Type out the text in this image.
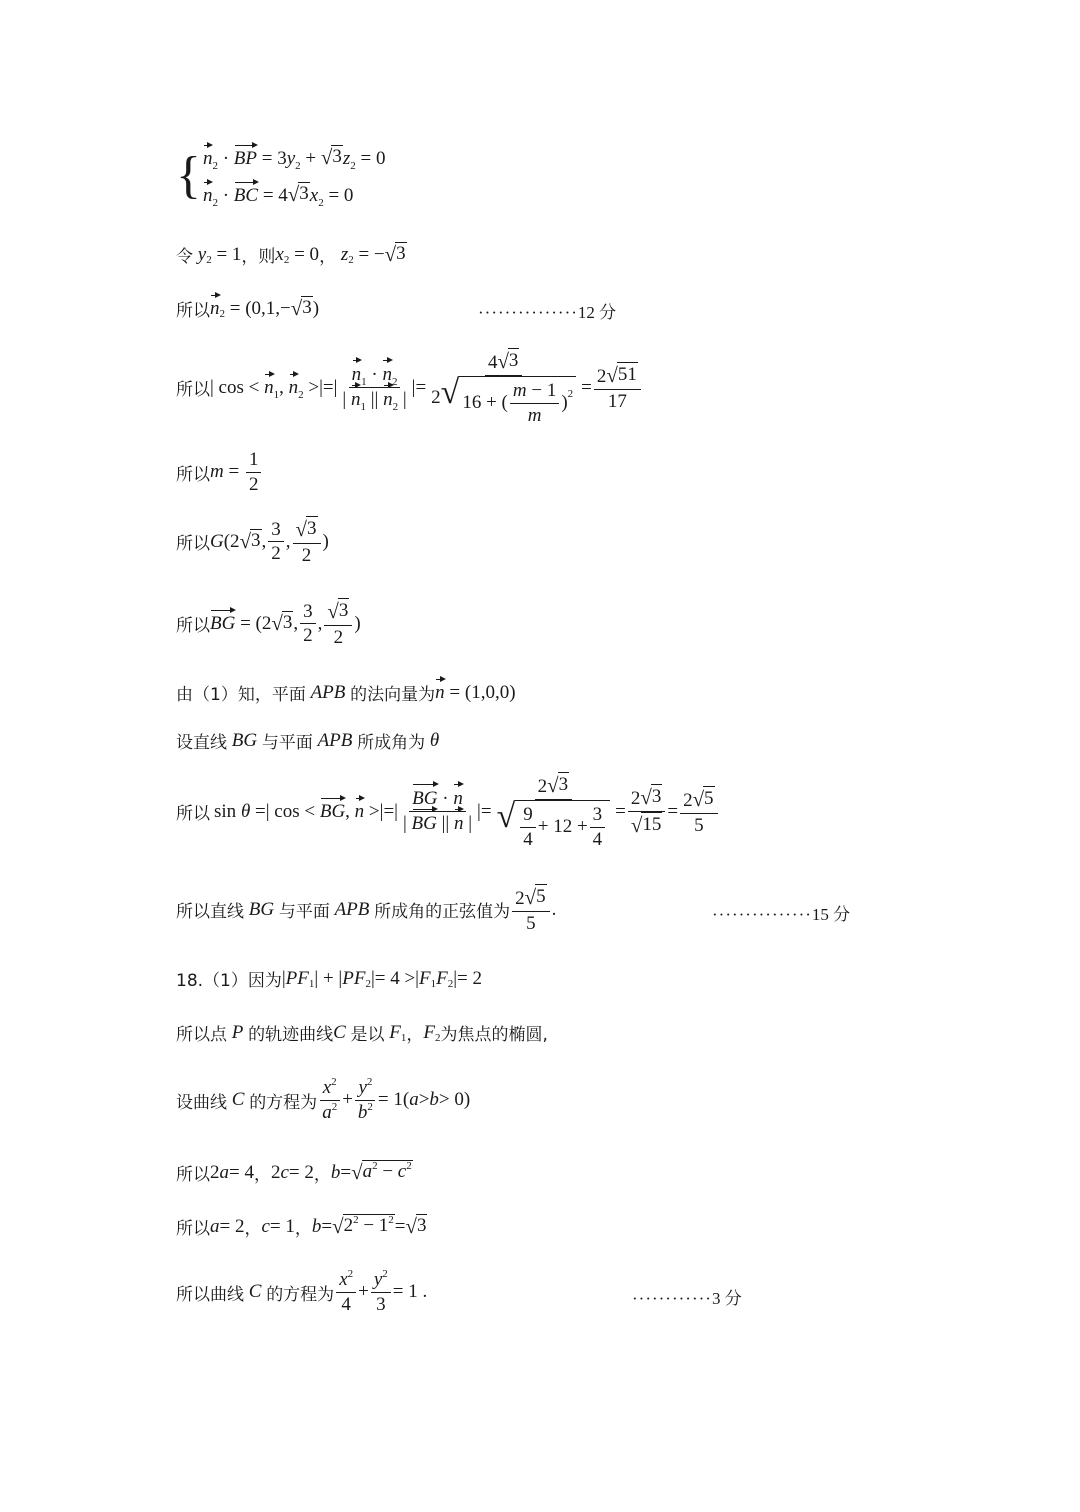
{ $n_2$ · BP = $3y_2$ + √ 3 $z_2 = 0$
$n_2$ · BC = 4 √ 3 $x_2 = 0$
令
y 2 = 1 ，则 x 2 = 0 ，
z 2 = − √ 3
所以 n 2 = (0,1,− √ 3 )	···············12 分
所以 | $\cos < n_1$, $n_2$ >|=| $\frac{n_1 \cdot n_2}{| n_1 || n_2 |}$ |= $\frac{4 √ 3}{2 √ 16 + ( \frac{m - 1}{m} ) 2} = \frac{2 √ 51}{17}$
所以 $m = \frac{1}{2}$
所以 G (2 √ 3 , $\frac{3}{2}$ , $\frac{√ 3}{2}$ )
所以 BG = (2 √ 3 , $\frac{3}{2}$ , $\frac{√ 3}{2}$ )
由（1）知，平面
APB
的法向量为 n = (1,0,0)
设直线
BG
与平面
APB
所成角为
θ
所以 sin θ =| cos < BG, n >|=| $\frac{BG \cdot n}{| BG || n |}$ |= $\frac{2 √ 3}{√ \frac{9}{4} + 12 + \frac{3}{4}} = \frac{2 √ 3}{√ 15} = \frac{2 √ 5}{5}$
所以直线
BG
与平面
APB
所成角的正弦值为 $\frac{2 √ 5}{5}$ .	···············15 分
18.（1）因为 | PF 1 | + | PF 2 |= 4 >| F 1 F 2 |= 2
所以点
P
的轨迹曲线 C
是以
F 1 ， F 2 为焦点的椭圆,
设曲线
C
的方程为 $\frac{x^2}{a^2} + \frac{y^2}{b^2} = 1$( a > b > 0)
所以 2 a = 4 ， 2 c = 2 ， b = √ $a^2 - c^2$
所以 a = 2 ， c = 1 ， b = √ $2^2 - 1^2$ = √ 3
所以曲线
C
的方程为 $\frac{x^2}{4} + \frac{y^2}{3} = 1$ .	············3 分
